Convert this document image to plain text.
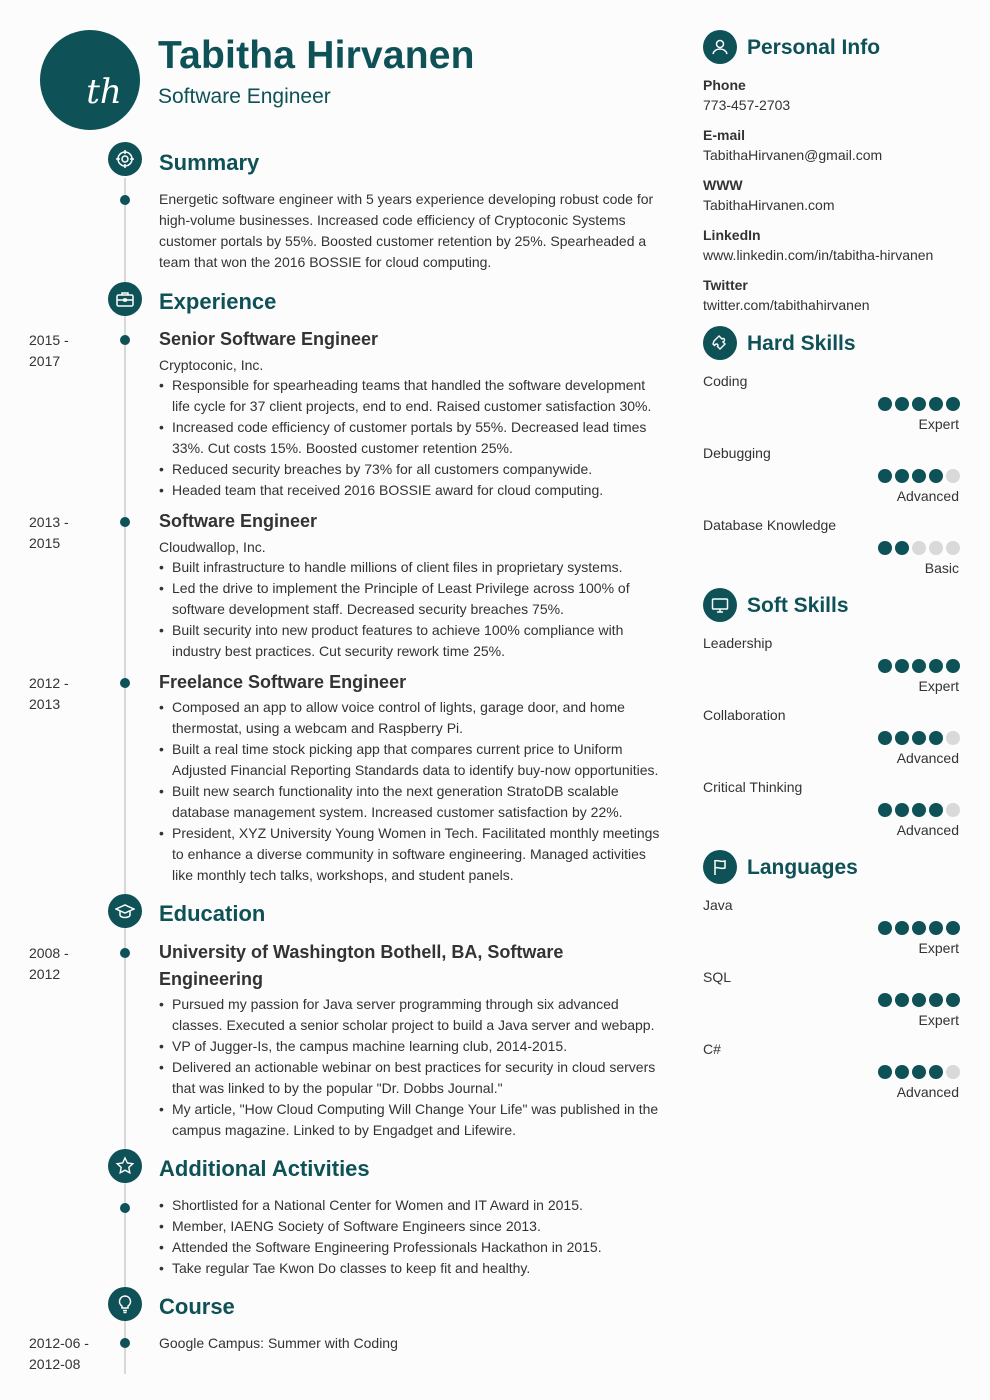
th
Tabitha Hirvanen
Software Engineer
Summary

Energetic software engineer with 5 years experience developing robust code for high-volume businesses. Increased code efficiency of Cryptoconic Systems customer portals by 55%. Boosted customer retention by 25%. Spearheaded a team that won the 2016 BOSSIE for cloud computing.

Experience
2015 -
2017
Senior Software Engineer
Cryptoconic, Inc.
• Responsible for spearheading teams that handled the software development life cycle for 37 client projects, end to end. Raised customer satisfaction 30%.
• Increased code efficiency of customer portals by 55%. Decreased lead times 33%. Cut costs 15%. Boosted customer retention 25%.
• Reduced security breaches by 73% for all customers companywide.
• Headed team that received 2016 BOSSIE award for cloud computing.
2013 -
2015
Software Engineer
Cloudwallop, Inc.
• Built infrastructure to handle millions of client files in proprietary systems.
• Led the drive to implement the Principle of Least Privilege across 100% of software development staff. Decreased security breaches 75%.
• Built security into new product features to achieve 100% compliance with industry best practices. Cut security rework time 25%.
2012 -
2013
Freelance Software Engineer
• Composed an app to allow voice control of lights, garage door, and home thermostat, using a webcam and Raspberry Pi.
• Built a real time stock picking app that compares current price to Uniform Adjusted Financial Reporting Standards data to identify buy-now opportunities.
• Built new search functionality into the next generation StratoDB scalable database management system. Increased customer satisfaction by 22%.
• President, XYZ University Young Women in Tech. Facilitated monthly meetings to enhance a diverse community in software engineering. Managed activities like monthly tech talks, workshops, and student panels.
Education
2008 -
2012
University of Washington Bothell, BA, Software Engineering
• Pursued my passion for Java server programming through six advanced classes. Executed a senior scholar project to build a Java server and webapp.
• VP of Jugger-Is, the campus machine learning club, 2014-2015.
• Delivered an actionable webinar on best practices for security in cloud servers that was linked to by the popular "Dr. Dobbs Journal."
• My article, "How Cloud Computing Will Change Your Life" was published in the campus magazine. Linked to by Engadget and Lifewire.
Additional Activities
• Shortlisted for a National Center for Women and IT Award in 2015.
• Member, IAENG Society of Software Engineers since 2013.
• Attended the Software Engineering Professionals Hackathon in 2015.
• Take regular Tae Kwon Do classes to keep fit and healthy.
Course
2012-06 -
2012-08
Google Campus: Summer with Coding
Personal Info
Phone
773-457-2703
E-mail
TabithaHirvanen@gmail.com
WWW
TabithaHirvanen.com
LinkedIn
www.linkedin.com/in/tabitha-hirvanen
Twitter
twitter.com/tabithahirvanen
Hard Skills
Coding
Expert
Debugging
Advanced
Database Knowledge
Basic
Soft Skills
Leadership
Expert
Collaboration
Advanced
Critical Thinking
Advanced
Languages
Java
Expert
SQL
Expert
C#
Advanced
